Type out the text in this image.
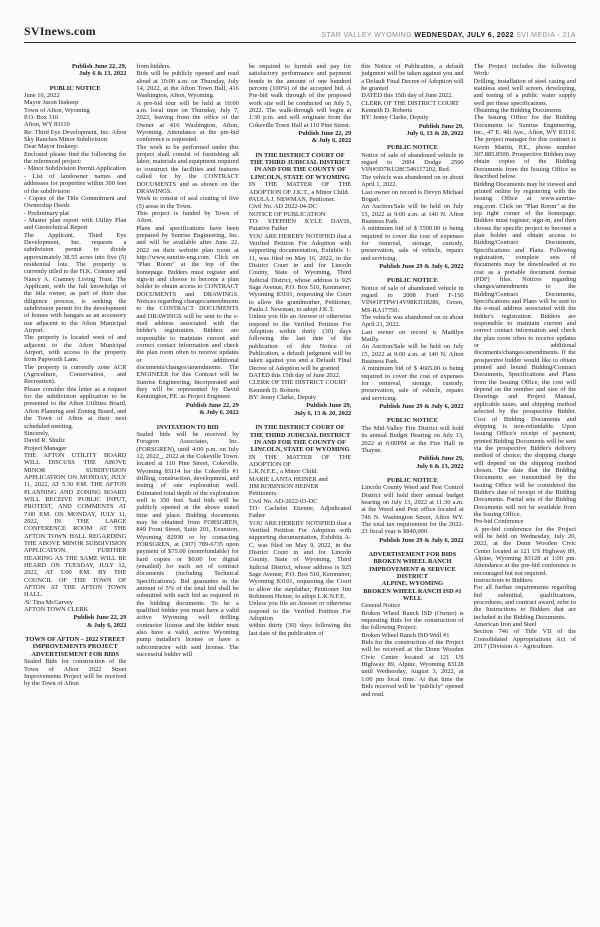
SVInews.com	STAR VALLEY WYOMING WEDNESDAY, JULY 6, 2022 SVI MEDIA - 21A
Publish June 22, 29,
July 6 & 13, 2022
PUBLIC NOTICE
June 16, 2022
Mayor Jason Inskeep
Town of Afton, Wyoming
P.O. Box 310
Afton, WY 83110
Re: Third Eye Development, Inc. Afton Sky Ranches Minor Subdivision
Dear Mayor Inskeep:
Enclosed please find the following for the referenced project:
- Minor Subdivision Permit Application
- List of landowner names and addresses for properties within 300 feet of the subdivision
- Copies of the Title Commitment and Ownership Deeds
- Preliminary plat
- Master plan report with Utility Plan and Geotechnical Report
The Applicant, Third Eye Development, Inc. requests a subdivision permit to divide approximately 38.55 acres into five (5) residential lots. The property is currently titled to the H.K. Cranney and Nancy A. Cranney Living Trust. The Applicant, with the full knowledge of the title owner, as part of their due diligence process, is seeking the subdivision permit for the development of homes with hangars as an accessory use adjacent to the Afton Municipal Airport.
The property is located west of and adjacent to the Afton Municipal Airport, with access to the property from Papworth Lane.
The property is currently zone ACR (Agriculture, Conservation, and Recreation).
Please consider this letter as a request for the subdivision application to be presented to the Afton Utilities Board, Afton Planning and Zoning Board, and the Town of Afton at their next scheduled meeting.
Sincerely,
David R. Shultz
Project Manager
THE AFTON UTILITY BOARD WILL DISCUSS THE ABOVE MINOR SUBDIVISION APPLICATION ON MONDAY, JULY 11, 2022, AT 5:30 P.M. THE AFTON PLANNING AND ZONING BOARD WILL RECEIVE PUBLIC INPUT, PROTEST, AND COMMENTS AT 7:00 P.M. ON MONDAY, JULY 11, 2022, IN THE LARGE CONFERENCE ROOM AT THE AFTON TOWN HALL REGARDING THE ABOVE MINOR SUBDIVISION APPLICATION. FURTHER HEARING AS THE SAME WILL BE HEARD ON TUESDAY, JULY 12, 2022, AT 5:00 P.M. BY THE COUNCIL OF THE TOWN OF AFTON AT THE AFTON TOWN HALL.
/S/ Tina McGarvey
AFTON TOWN CLERK
Publish June 22, 29
& July 6, 2022
TOWN OF AFTON – 2022 STREET IMPROVEMENTS PROJECT
ADVERTISEMENT FOR BIDS
Sealed Bids for construction of the Town of Afton 2022 Street Improvements Project will be received by the Town of Afton
from bidders.
Bids will be publicly opened and read aloud at 10:00 a.m. on Thursday, July 14, 2022, at the Afton Town Hall, 416 Washington, Afton, Wyoming.
A pre-bid tour will be held at 10:00 a.m. local time on Thursday, July 7, 2022, leaving from the office of the Owner at 416 Washington, Afton, Wyoming. Attendance at the pre-bid conference is requested.
The work to be performed under this project shall consist of furnishing all labor, materials and equipment required to construct the facilities and features called for by the CONTRACT DOCUMENTS and as shown on the DRAWINGS.
Work to consist of seal coating of five (5) areas in the Town.
This project is funded by Town of Afton.
Plans and specifications have been prepared by Sunrise Engineering, Inc. and will be available after June 22, 2022 on their website plan room at http://www.sunrise-eng.com. Click on "Plan Room" at the top of the homepage. Bidders must register and sign-in and choose to become a plan holder to obtain access to CONTRACT DOCUMENTS and DRAWINGS. Notices regarding changes/amendments to the CONTRACT DOCUMENTS and DRAWINGS will be sent to the e-mail address associated with the bidder's registration. Bidders are responsible to maintain current and correct contact information and check the plan room often to receive updates or additional documents/changes/amendments. The ENGINEER for this Contract will be Sunrise Engineering, Incorporated and they will be represented by David Kennington, PE. as Project Engineer.
Publish June 22, 29
& July 6, 2022
INVITATION TO BID
Sealed bids will be received by Forsgren Associates, Inc. (FORSGREN), until 4:00 p.m. on July 12, 2022_, 2022 at the Cokeville Town. located at 110 Pine Street, Cokeville, Wyoming 83114 for the Cokeville #1 drilling, construction, development, and testing of one exploration well. Estimated total depth of the exploration well is 350 feet. Said bids will be publicly opened at the above stated time and place. Bidding documents may be obtained from FORSGREN, 849 Front Street, Suite 201, Evanston, Wyoming 82930 or by contacting FORSGREN, at (307) 789-6735 upon payment of $75.00 (nonrefundable) for hard copies or $0.00 for digital (emailed) for each set of contract documents (including Technical Specifications). Bid guarantee in the amount of 5% of the total bid shall be submitted with each bid as required in the bidding documents. To be a qualified bidder you must have a valid active Wyoming well drilling contractor license and the bidder must also have a valid, active Wyoming pump installer's license or have a subcontractor with said license. The successful bidder will
be required to furnish and pay for satisfactory performance and payment bonds in the amount of one hundred percent (100%) of the accepted bid. A Pre-bid walk through of the proposed work site will be conducted on July 5, 2022. The walk-through will begin at 1:30 p.m. and will originate from the Cokeville Town Hall at 110 Pine Street.
Publish June 22, 29
& July 6, 2022
IN THE DISTRICT COURT OF THE THIRD JUDICIAL DISTRICT
IN AND FOR THE COUNTY OF LINCOLN, STATE OF WYOMING
IN THE MATTER OF THE ADOPTION OF J.K.T., a Minor Child.
PAULA J. NEWMAN, Petitioner.
Civil No. AD 2022-04-DC
NOTICE OF PUBLICATION
TO: STEPHEN KYLE DAVIS, Putative Father
YOU ARE HEREBY NOTIFIED that a Verified Petition For Adoption with supporting documentation, Exhibits 1-11, was filed on May 16, 2022, in the District Court in and for Lincoln County, State of Wyoming, Third Judicial District, whose address is 925 Sage Avenue, P.O. Box 510, Kemmerer, Wyoming 83101, requesting the Court to allow the grandmother, Petitioner, Paula J. Newman, to adopt J.K.T.
Unless you file an Answer or otherwise respond to the Verified Petition For Adoption within thirty (30) days following the last date of the publication of this Notice of Publication, a default judgment will be taken against you and a Default Final Decree of Adoption will be granted
DATED this 15th day of June 2022.
CLERK OF THE DISTRICT COURT
Kenneth D. Roberts
BY: Jenny Clarke, Deputy
Publish June 29,
July 6, 13 & 20, 2022
IN THE DISTRICT COURT OF THE THIRD JUDICIAL DISTRICT
IN AND FOR THE COUNTY OF LINCOLN, STATE OF WYOMING
IN THE MATTER OF THE ADOPTION OF
L.K.N.F.E., a Minor Child.
MARIE LANTA HEINER and
JIM ROBINSON HEINER
Petitioners.
Civil No. AD-2022-03-DC
TO: Cachelet Etienne, Adjudicated Father
YOU ARE HEREBY NOTIFIED that a Verified Petition For Adoption with supporting documentation, Exhibits A-C, was filed on May 9, 2022, in the District Court in and for Lincoln County, State of Wyoming, Third Judicial District, whose address is 925 Sage Avenue, P.O. Box 510, Kemmerer, Wyoming 83101, requesting the Court to allow the stepfather, Petitioner Jim Robinson Heiner, to adopt L.K.N.F.E.
Unless you file an Answer or otherwise respond to the Verified Petition For Adoption
within thirty (30) days following the last date of the publication of
this Notice of Publication, a default judgment will be taken against you and a Default Final Decree of Adoption will be granted
DATED this 15th day of June 2022.
CLERK OF THE DISTRICT COURT
Kenneth D. Roberts
BY: Jenny Clarke, Deputy
Publish June 29,
July 6, 13 & 20, 2022
PUBLIC NOTICE
Notice of sale of abandoned vehicle in regard to 2004 Dodge 2500 VIN#3D7KU28C546117202, Red.
The vehicle was abandoned on or about April 1, 2022.
Last owner on record is Devyn Michael Bogart.
An Auction/Sale will be held on July 15, 2022 at 9:00 a.m. at 140 N. Afton Business Park.
A minimum bid of $ 5500.00 is being required to cover the cost of expenses for removal, storage, custody, preservation, sale of vehicle, repairs and servicing.
Publish June 29 & July 6, 2022
PUBLIC NOTICE
Notice of sale of abandoned vehicle in regard to 2008 Ford F-150 VIN#1FTPW14V98KD18286, Green, MS-RA17750.
The vehicle was abandoned on or about April 21, 2022.
Last owner on record is Madilyn Mailly.
An Auction/Sale will be held on July 15, 2022 at 9:00 a.m. at 140 N. Afton Business Park.
A minimum bid of $ 4665.00 is being required to cover the cost of expenses for removal, storage, custody, preservation, sale of vehicle, repairs and servicing.
Publish June 29 & July 6, 2022
PUBLIC NOTICE
The Mid-Valley Fire District will hold its annual Budget Hearing on July 13, 2022 at 6:00PM at the Fire Hall in Thayne.
Publish June 29,
July 6 & 13, 2022
PUBLIC NOTICE
Lincoln County Weed and Pest Control District will hold their annual budget hearing on July 13, 2022 at 11:30 a.m. at the Weed and Pest office located at 746 N. Washington Street, Afton WY. The total tax requirement for the 2022-23 fiscal year is $840,000.
Publish June 29 & July 6, 2022
ADVERTISEMENT FOR BIDS
BROKEN WHEEL RANCH IMPROVEMENT & SERVICE DISTRICT
ALPINE, WYOMING
BROKEN WHEEL RANCH ISD #1 WELL
General Notice
Broken Wheel Ranch ISD (Owner) is requesting Bids for the construction of the following Project:
Broken Wheel Ranch ISD Well #1
Bids for the construction of the Project will be received at the Donn Wooden Civic Center located at 121 US Highway 89, Alpine, Wyoming 83128 until Wednesday, August 3, 2022, at 1:00 pm local time. At that time the Bids received will be "publicly" opened and read.
The Project includes the following Work:
Drilling, installation of steel casing and stainless steel well screen, developing, and testing of a public water supply well per these specifications.
Obtaining the Bidding Documents
The Issuing Office for the Bidding Documents is: Sunrise Engineering, Inc., 47 E. 4th Ave., Afton, WY 83110. The project manager for this contract is Kevin Martin, P.E., phone number 307.885.8500. Prospective Bidders may obtain copies of the Bidding Documents from the Issuing Office as described below.
Bidding Documents may be viewed and printed online by registering with the Issuing Office at www.sunrise-eng.com. Click on "Plan Room" at the top right corner of the homepage. Bidders must register, sign-in, and then choose the specific project to become a plan holder and obtain access to Bidding/Contract Documents, Specifications and Plans. Following registration, complete sets of documents may be downloaded at no cost as a portable document format (PDF) files. Notices regarding changes/amendments to the Bidding/Contract Documents, Specifications and Plans will be sent to the e-mail address associated with the bidder's registration. Bidders are responsible to maintain current and correct contact information and check the plan room often to receive updates or additional documents/changes/amendments. If the prospective bidder would like to obtain printed and bound Bidding/Contract Documents, Specifications and Plans from the Issuing Office, the cost will depend on the number and size of the Drawings and Project Manual, applicable taxes, and shipping method selected by the prospective Bidder. Cost of Bidding Documents and shipping is non-refundable. Upon Issuing Office's receipt of payment, printed Bidding Documents will be sent via the prospective Bidder's delivery method of choice; the shipping charge will depend on the shipping method chosen. The date that the Bidding Documents are transmitted by the Issuing Office will be considered the Bidder's date of receipt of the Bidding Documents. Partial sets of the Bidding Documents will not be available from the Issuing Office.
Pre-bid Conference
A pre-bid conference for the Project will be held on Wednesday, July 20, 2022, at the Donn Wooden Civic Center located at 121 US Highway 89, Alpine, Wyoming 83128 at 1:00 pm. Attendance at the pre-bid conference is encouraged but not required.
Instructions to Bidders.
For all further requirements regarding bid submittal, qualifications, procedures, and contract award, refer to the Instructions to Bidders that are included in the Bidding Documents.
American Iron and Steel
Section 746 of Title VII of the Consolidated Appropriations Act of 2017 (Division A - Agriculture.
